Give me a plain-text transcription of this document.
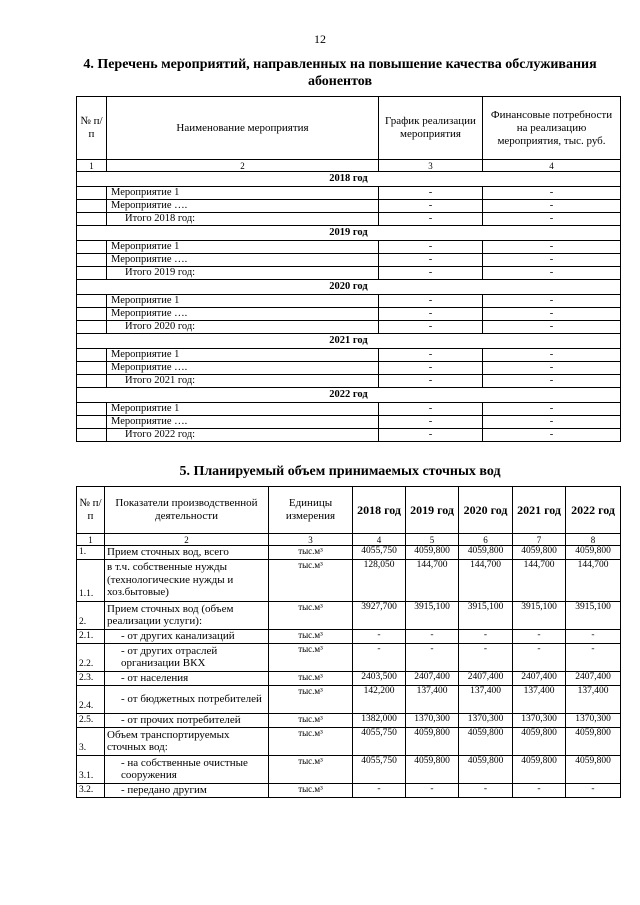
12
4. Перечень мероприятий, направленных на повышение качества обслуживания абонентов
№ п/п	Наименование мероприятия	График реализации мероприятия	Финансовые потребности на реализацию мероприятия, тыс. руб.
1	2	3	4
2018 год			
	Мероприятие 1	-	-
	Мероприятие ….	-	-
	Итого 2018 год:	-	-
2019 год			
	Мероприятие 1	-	-
	Мероприятие ….	-	-
	Итого 2019 год:	-	-
2020 год			
	Мероприятие 1	-	-
	Мероприятие ….	-	-
	Итого 2020 год:	-	-
2021 год			
	Мероприятие 1	-	-
	Мероприятие ….	-	-
	Итого 2021 год:	-	-
2022 год			
	Мероприятие 1	-	-
	Мероприятие ….	-	-
	Итого 2022 год:	-	-
5. Планируемый объем принимаемых сточных вод
№ п/п	Показатели производственной деятельности	Единицы измерения	2018 год	2019 год	2020 год	2021 год	2022 год
1	2	3	4	5	6	7	8
1.	Прием сточных вод, всего	тыс.м³	4055,750	4059,800	4059,800	4059,800	4059,800
1.1.	в т.ч. собственные нужды (технологические нужды и хоз.бытовые)	тыс.м³	128,050	144,700	144,700	144,700	144,700
2.	Прием сточных вод (объем реализации услуги):	тыс.м³	3927,700	3915,100	3915,100	3915,100	3915,100
2.1.	- от других канализаций	тыс.м³	-	-	-	-	-
2.2.	- от других отраслей организации ВКХ	тыс.м³	-	-	-	-	-
2.3.	- от населения	тыс.м³	2403,500	2407,400	2407,400	2407,400	2407,400
2.4.	- от бюджетных потребителей	тыс.м³	142,200	137,400	137,400	137,400	137,400
2.5.	- от прочих потребителей	тыс.м³	1382,000	1370,300	1370,300	1370,300	1370,300
3.	Объем транспортируемых сточных вод:	тыс.м³	4055,750	4059,800	4059,800	4059,800	4059,800
3.1.	- на собственные очистные сооружения	тыс.м³	4055,750	4059,800	4059,800	4059,800	4059,800
3.2.	- передано другим	тыс.м³	-	-	-	-	-
